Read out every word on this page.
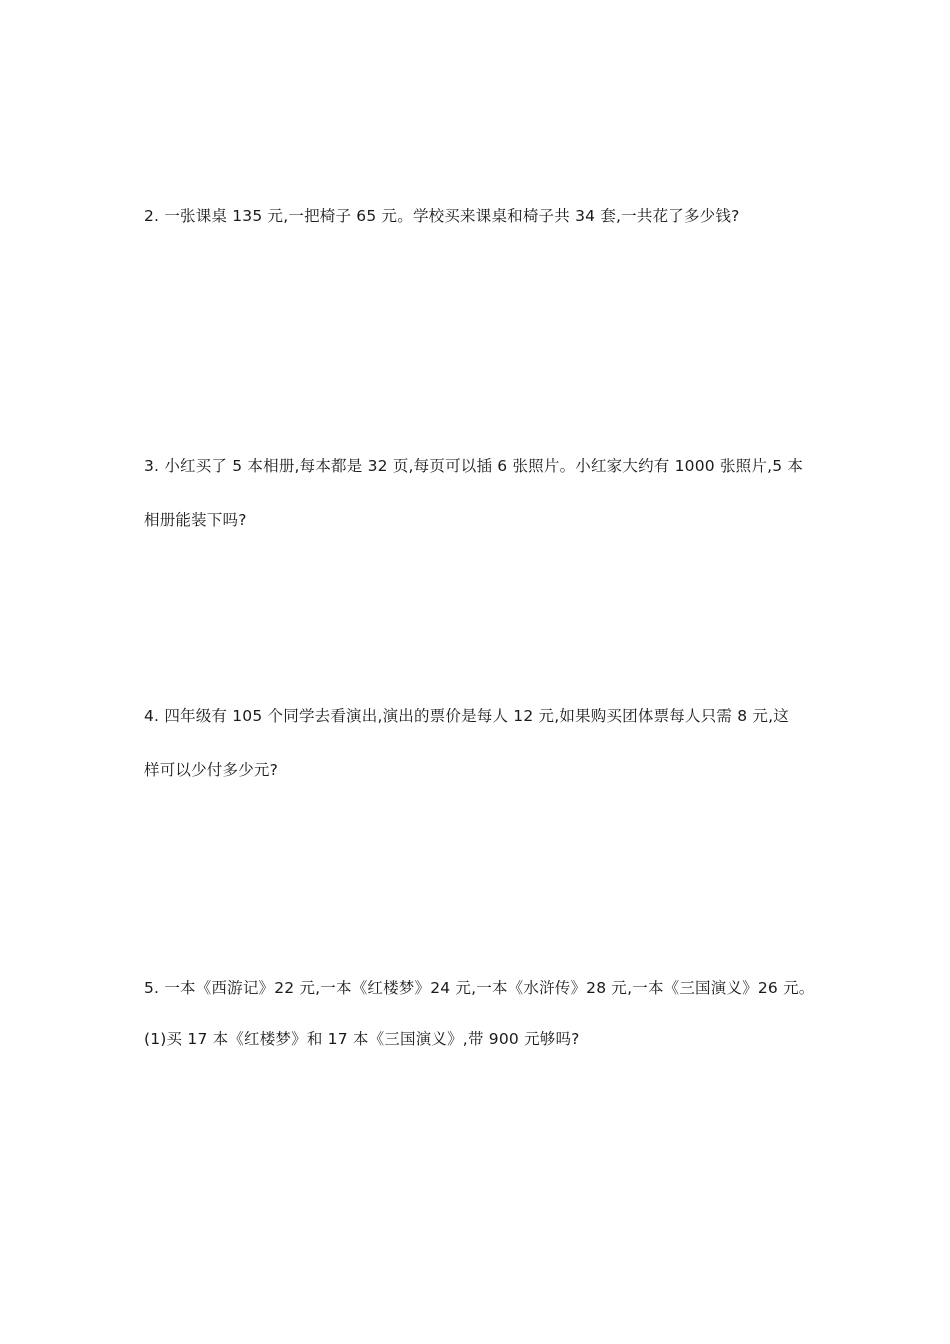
2. 一张课桌 135 元,一把椅子 65 元。学校买来课桌和椅子共 34 套,一共花了多少钱?
3. 小红买了 5 本相册,每本都是 32 页,每页可以插 6 张照片。小红家大约有 1000 张照片,5 本
相册能装下吗?
4. 四年级有 105 个同学去看演出,演出的票价是每人 12 元,如果购买团体票每人只需 8 元,这
样可以少付多少元?
5. 一本《西游记》22 元,一本《红楼梦》24 元,一本《水浒传》28 元,一本《三国演义》26 元。
(1)买 17 本《红楼梦》和 17 本《三国演义》,带 900 元够吗?
